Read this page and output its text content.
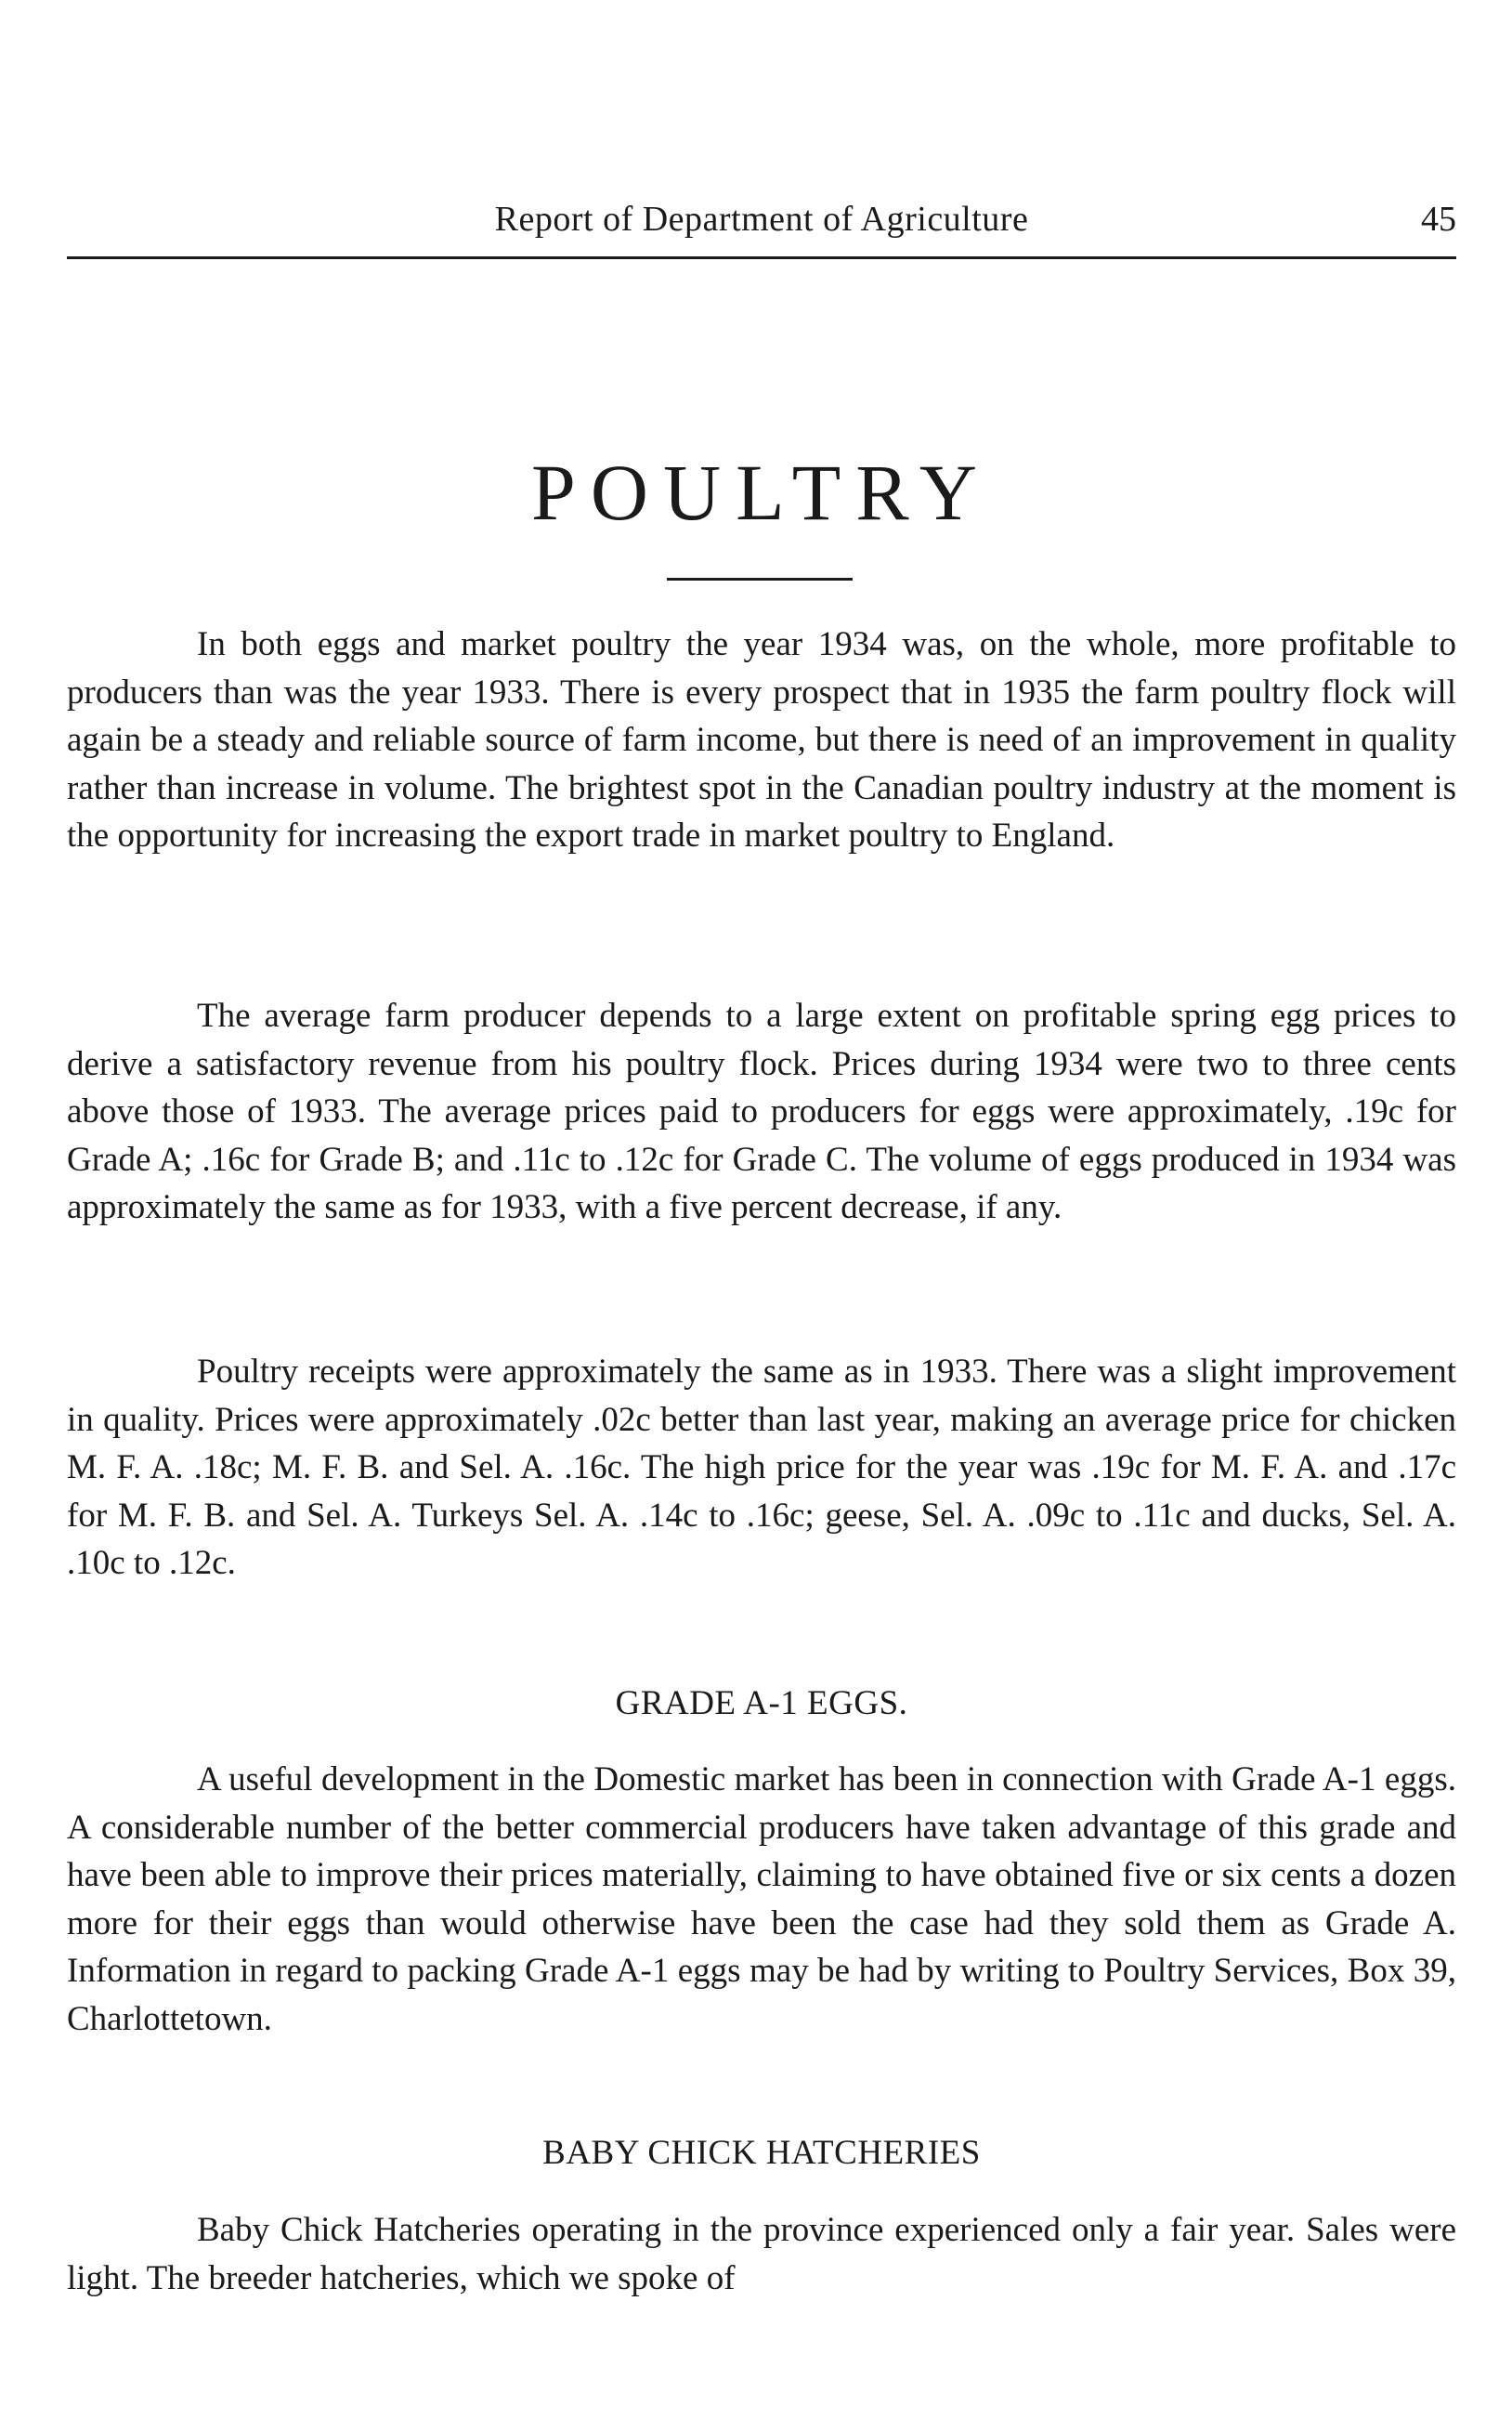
Report of Department of Agriculture	45
POULTRY

In both eggs and market poultry the year 1934 was, on the whole, more profitable to producers than was the year 1933. There is every prospect that in 1935 the farm poultry flock will again be a steady and reliable source of farm income, but there is need of an improvement in quality rather than increase in volume. The brightest spot in the Canadian poultry industry at the moment is the opportunity for increasing the export trade in market poultry to England.

The average farm producer depends to a large extent on profitable spring egg prices to derive a satisfactory revenue from his poultry flock. Prices during 1934 were two to three cents above those of 1933. The average prices paid to producers for eggs were approximately, .19c for Grade A; .16c for Grade B; and .11c to .12c for Grade C. The volume of eggs produced in 1934 was approximately the same as for 1933, with a five percent decrease, if any.

Poultry receipts were approximately the same as in 1933. There was a slight improvement in quality. Prices were approximately .02c better than last year, making an average price for chicken M. F. A. .18c; M. F. B. and Sel. A. .16c. The high price for the year was .19c for M. F. A. and .17c for M. F. B. and Sel. A. Turkeys Sel. A. .14c to .16c; geese, Sel. A. .09c to .11c and ducks, Sel. A. .10c to .12c.

GRADE A-1 EGGS.

A useful development in the Domestic market has been in connection with Grade A-1 eggs. A considerable number of the better commercial producers have taken advantage of this grade and have been able to improve their prices materially, claiming to have obtained five or six cents a dozen more for their eggs than would otherwise have been the case had they sold them as Grade A. Information in regard to packing Grade A-1 eggs may be had by writing to Poultry Services, Box 39, Charlottetown.

BABY CHICK HATCHERIES

Baby Chick Hatcheries operating in the province experienced only a fair year. Sales were light. The breeder hatcheries, which we spoke of
